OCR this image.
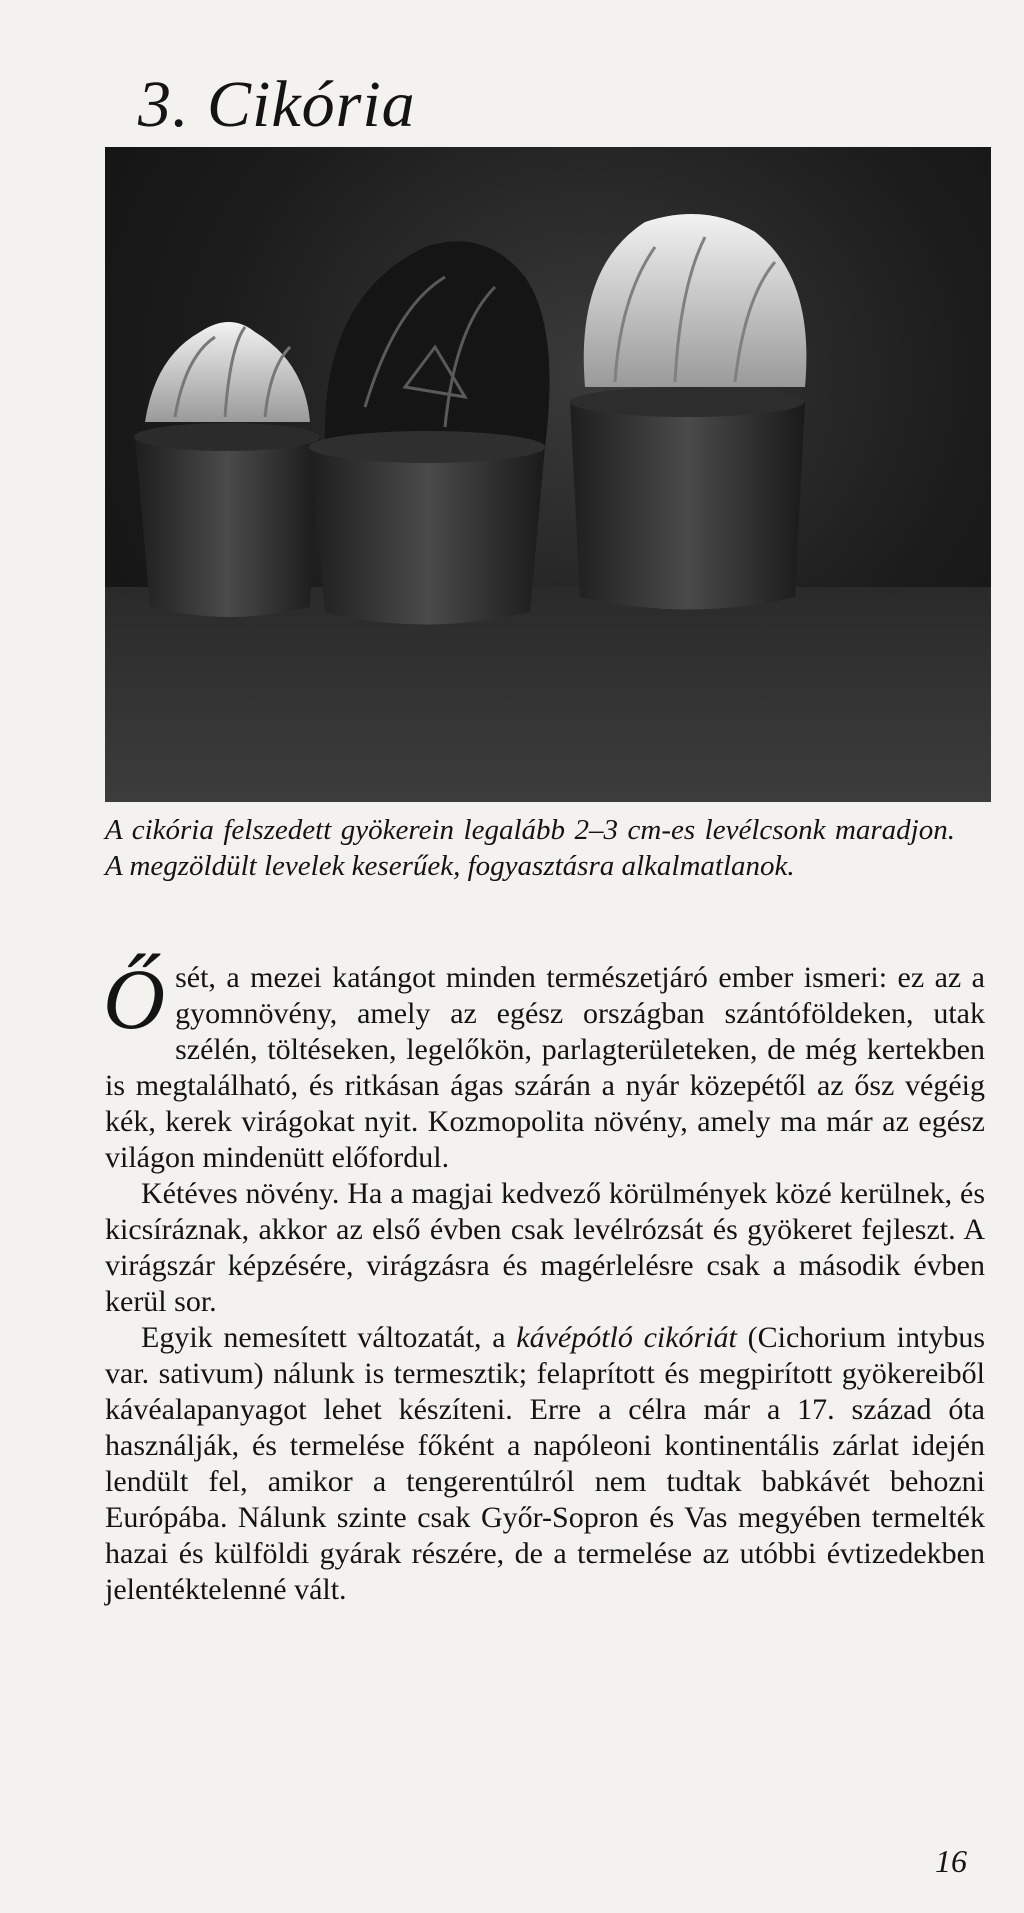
3. Cikória
A cikória felszedett gyökerein legalább 2–3 cm-es levélcsonk maradjon. A megzöldült levelek keserűek, fogyasztásra alkalmatlanok.

Ősét, a mezei katángot minden természetjáró ember ismeri: ez az a gyomnövény, amely az egész országban szántóföldeken, utak szélén, töltéseken, legelőkön, parlagterületeken, de még kertekben is megtalálható, és ritkásan ágas szárán a nyár közepétől az ősz végéig kék, kerek virágokat nyit. Kozmopolita növény, amely ma már az egész világon mindenütt előfordul.

Kétéves növény. Ha a magjai kedvező körülmények közé kerülnek, és kicsíráznak, akkor az első évben csak levélrózsát és gyökeret fejleszt. A virágszár képzésére, virágzásra és magérlelésre csak a második évben kerül sor.

Egyik nemesített változatát, a kávépótló cikóriát (Cichorium intybus var. sativum) nálunk is termesztik; felaprított és megpirított gyökereiből kávéalapanyagot lehet készíteni. Erre a célra már a 17. század óta használják, és termelése főként a napóleoni kontinentális zárlat idején lendült fel, amikor a tengerentúlról nem tudtak babkávét behozni Európába. Nálunk szinte csak Győr-Sopron és Vas megyében termelték hazai és külföldi gyárak részére, de a termelése az utóbbi évtizedekben jelentéktelenné vált.

16
